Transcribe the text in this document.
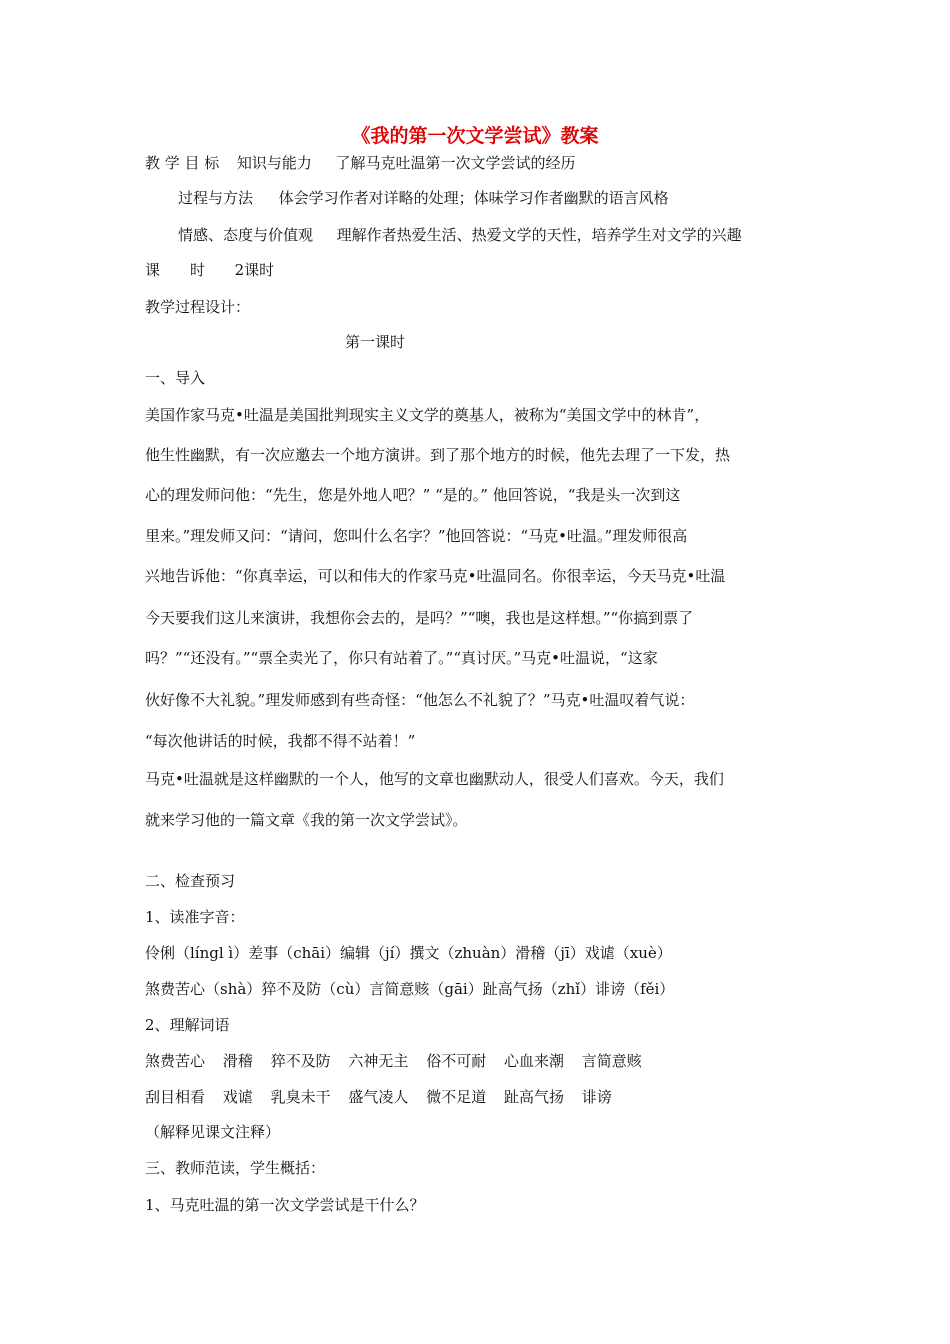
《我的第一次文学尝试》教案
教 学 目 标 知识与能力 了解马克吐温第一次文学尝试的经历
过程与方法 体会学习作者对详略的处理；体味学习作者幽默的语言风格
情感、态度与价值观 理解作者热爱生活、热爱文学的天性，培养学生对文学的兴趣
课　　时 2课时
教学过程设计：
第一课时
一、导入
美国作家马克•吐温是美国批判现实主义文学的奠基人，被称为“美国文学中的林肯”，
他生性幽默，有一次应邀去一个地方演讲。到了那个地方的时候，他先去理了一下发，热
心的理发师问他：“先生，您是外地人吧？” “是的。” 他回答说，“我是头一次到这
里来。”理发师又问：“请问，您叫什么名字？”他回答说：“马克•吐温。”理发师很高
兴地告诉他：“你真幸运，可以和伟大的作家马克•吐温同名。你很幸运，今天马克•吐温
今天要我们这儿来演讲，我想你会去的，是吗？”“噢，我也是这样想。”“你搞到票了
吗？”“还没有。”“票全卖光了，你只有站着了。”“真讨厌。”马克•吐温说，“这家
伙好像不大礼貌。”理发师感到有些奇怪：“他怎么不礼貌了？”马克•吐温叹着气说：
“每次他讲话的时候，我都不得不站着！”
马克•吐温就是这样幽默的一个人，他写的文章也幽默动人，很受人们喜欢。今天，我们
就来学习他的一篇文章《我的第一次文学尝试》。
二、检查预习
1、读准字音：
伶俐（língl ì）差事（chāi）编辑（jí）撰文（zhuàn）滑稽（jī）戏谑（xuè）
煞费苦心（shà）猝不及防（cù）言简意赅（gāi）趾高气扬（zhǐ）诽谤（fěi）
2、理解词语
煞费苦心 滑稽 猝不及防 六神无主 俗不可耐 心血来潮 言简意赅
刮目相看 戏谑 乳臭未干 盛气凌人 微不足道 趾高气扬 诽谤
（解释见课文注释）
三、教师范读，学生概括：
1、马克吐温的第一次文学尝试是干什么？
